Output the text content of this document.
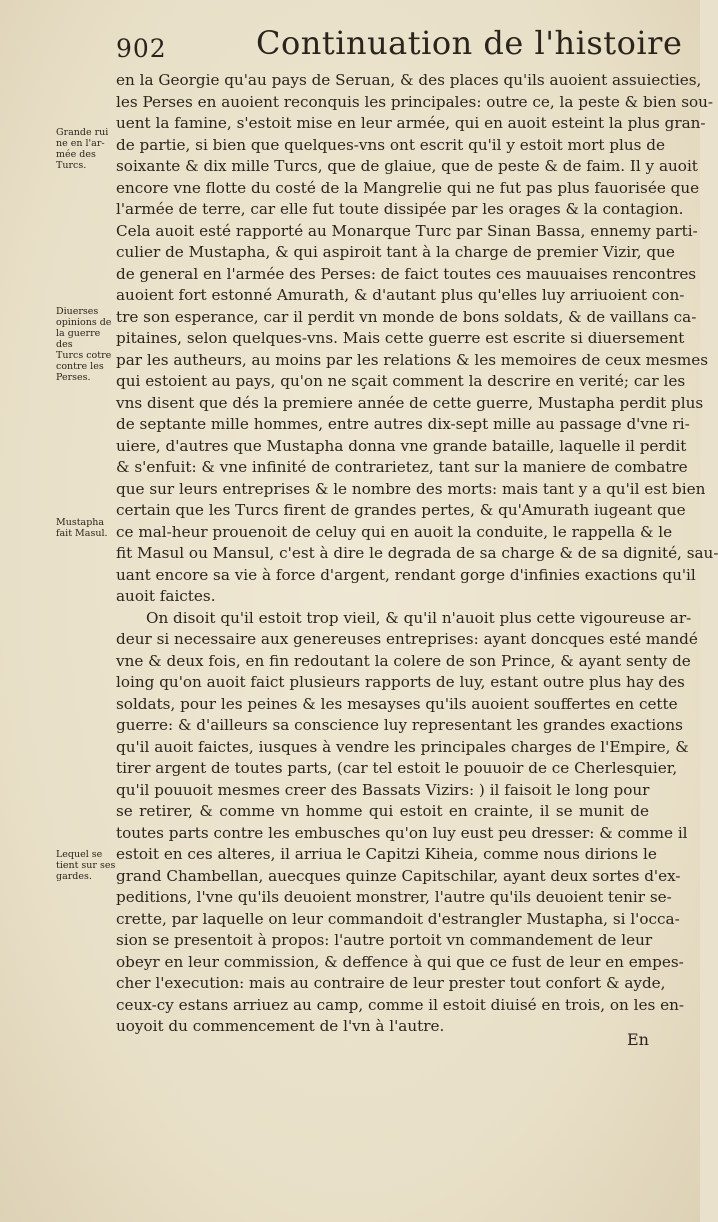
902	Continuation de l'histoire
Grande rui
ne en l'ar-
mée des
Turcs.
Diuerses
opinions de
la guerre
des
Turcs cotre
contre les
Perses.
Mustapha
fait Masul.
Lequel se
tient sur ses
gardes.
en la Georgie qu'au pays de Seruan, & des places qu'ils auoient assuiecties,
les Perses en auoient reconquis les principales: outre ce, la peste & bien sou-
uent la famine, s'estoit mise en leur armée, qui en auoit esteint la plus gran-
de partie, si bien que quelques-vns ont escrit qu'il y estoit mort plus de
soixante & dix mille Turcs, que de glaiue, que de peste & de faim. Il y auoit
encore vne flotte du costé de la Mangrelie qui ne fut pas plus fauorisée que
l'armée de terre, car elle fut toute dissipée par les orages & la contagion.
Cela auoit esté rapporté au Monarque Turc par Sinan Bassa, ennemy parti-
culier de Mustapha, & qui aspiroit tant à la charge de premier Vizir, que
de general en l'armée des Perses: de faict toutes ces mauuaises rencontres
auoient fort estonné Amurath, & d'autant plus qu'elles luy arriuoient con-
tre son esperance, car il perdit vn monde de bons soldats, & de vaillans ca-
pitaines, selon quelques-vns. Mais cette guerre est escrite si diuersement
par les autheurs, au moins par les relations & les memoires de ceux mesmes
qui estoient au pays, qu'on ne sçait comment la descrire en verité; car les
vns disent que dés la premiere année de cette guerre, Mustapha perdit plus
de septante mille hommes, entre autres dix-sept mille au passage d'vne ri-
uiere, d'autres que Mustapha donna vne grande bataille, laquelle il perdit
& s'enfuit: & vne infinité de contrarietez, tant sur la maniere de combatre
que sur leurs entreprises & le nombre des morts: mais tant y a qu'il est bien
certain que les Turcs firent de grandes pertes, & qu'Amurath iugeant que
ce mal-heur prouenoit de celuy qui en auoit la conduite, le rappella & le
fit Masul ou Mansul, c'est à dire le degrada de sa charge & de sa dignité, sau-
uant encore sa vie à force d'argent, rendant gorge d'infinies exactions qu'il
auoit faictes.
On disoit qu'il estoit trop vieil, & qu'il n'auoit plus cette vigoureuse ar-
deur si necessaire aux genereuses entreprises: ayant doncques esté mandé
vne & deux fois, en fin redoutant la colere de son Prince, & ayant senty de
loing qu'on auoit faict plusieurs rapports de luy, estant outre plus hay des
soldats, pour les peines & les mesayses qu'ils auoient souffertes en cette
guerre: & d'ailleurs sa conscience luy representant les grandes exactions
qu'il auoit faictes, iusques à vendre les principales charges de l'Empire, &
tirer argent de toutes parts, (car tel estoit le pouuoir de ce Cherlesquier,
qu'il pouuoit mesmes creer des Bassats Vizirs: ) il faisoit le long pour
se retirer, & comme vn homme qui estoit en crainte, il se munit de
toutes parts contre les embusches qu'on luy eust peu dresser: & comme il
estoit en ces alteres, il arriua le Capitzi Kiheia, comme nous dirions le
grand Chambellan, auecques quinze Capitschilar, ayant deux sortes d'ex-
peditions, l'vne qu'ils deuoient monstrer, l'autre qu'ils deuoient tenir se-
crette, par laquelle on leur commandoit d'estrangler Mustapha, si l'occa-
sion se presentoit à propos: l'autre portoit vn commandement de leur
obeyr en leur commission, & deffence à qui que ce fust de leur en empes-
cher l'execution: mais au contraire de leur prester tout confort & ayde,
ceux-cy estans arriuez au camp, comme il estoit diuisé en trois, on les en-
uoyoit du commencement de l'vn à l'autre.
En
